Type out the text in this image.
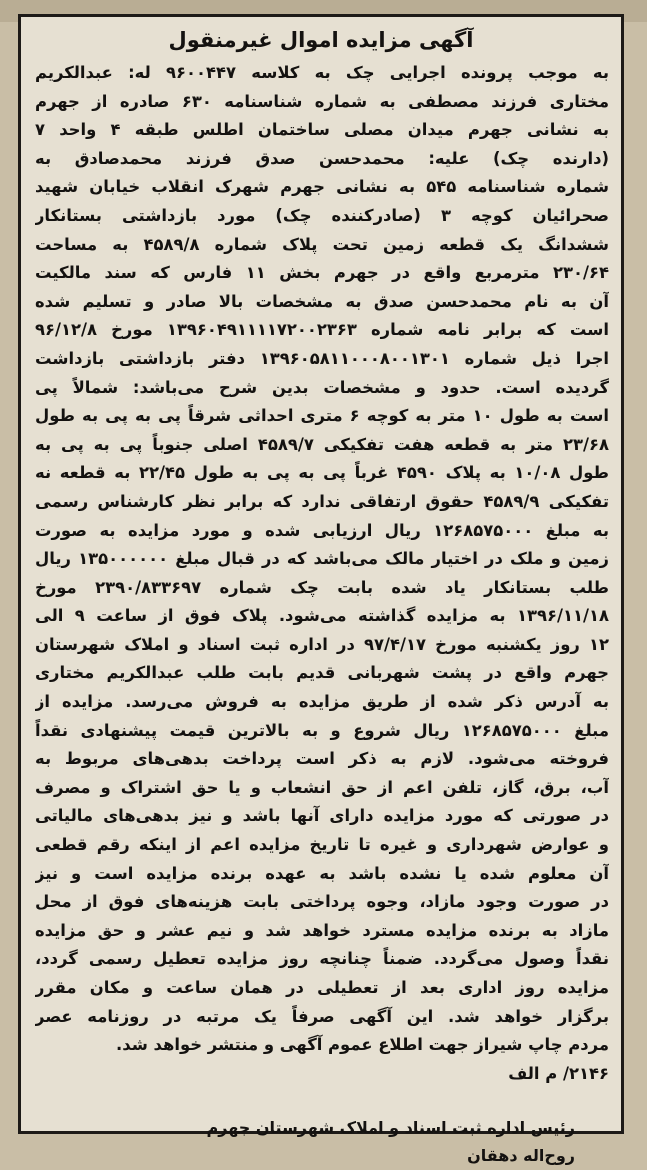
آگهی مزایده اموال غیرمنقول
به موجب پرونده اجرایی چک به کلاسه ۹۶۰۰۴۴۷ له: عبدالکریم
مختاری فرزند مصطفی به شماره شناسنامه ۶۳۰ صادره از جهرم
به نشانی جهرم میدان مصلی ساختمان اطلس طبقه ۴ واحد ۷
(دارنده چک) علیه: محمدحسن صدق فرزند محمدصادق به
شماره شناسنامه ۵۴۵ به نشانی جهرم شهرک انقلاب خیابان شهید
صحرائیان کوچه ۳ (صادرکننده چک) مورد بازداشتی بستانکار
ششدانگ یک قطعه زمین تحت پلاک شماره ۴۵۸۹/۸ به مساحت
۲۳۰/۶۴ مترمربع واقع در جهرم بخش ۱۱ فارس که سند مالکیت
آن به نام محمدحسن صدق به مشخصات بالا صادر و تسلیم شده
است که برابر نامه شماره ۱۳۹۶۰۴۹۱۱۱۱۷۲۰۰۲۳۶۳ مورخ ۹۶/۱۲/۸
اجرا ذیل شماره ۱۳۹۶۰۵۸۱۱۰۰۰۸۰۰۱۳۰۱ دفتر بازداشتی بازداشت
گردیده است. حدود و مشخصات بدین شرح می‌باشد: شمالاً پی
است به طول ۱۰ متر به کوچه ۶ متری احداثی شرقاً پی به پی به طول
۲۳/۶۸ متر به قطعه هفت تفکیکی ۴۵۸۹/۷ اصلی جنوباً پی به پی به
طول ۱۰/۰۸ به پلاک ۴۵۹۰ غرباً پی به پی به طول ۲۲/۴۵ به قطعه نه
تفکیکی ۴۵۸۹/۹ حقوق ارتفاقی ندارد که برابر نظر کارشناس رسمی
به مبلغ ۱۲۶۸۵۷۵۰۰۰ ریال ارزیابی شده و مورد مزایده به صورت
زمین و ملک در اختیار مالک می‌باشد که در قبال مبلغ ۱۳۵۰۰۰۰۰۰ ریال
طلب بستانکار یاد شده بابت چک شماره ۲۳۹۰/۸۳۳۶۹۷ مورخ
۱۳۹۶/۱۱/۱۸ به مزایده گذاشته می‌شود. پلاک فوق از ساعت ۹ الی
۱۲ روز یکشنبه مورخ ۹۷/۴/۱۷ در اداره ثبت اسناد و املاک شهرستان
جهرم واقع در پشت شهربانی قدیم بابت طلب عبدالکریم مختاری
به آدرس ذکر شده از طریق مزایده به فروش می‌رسد. مزایده از
مبلغ ۱۲۶۸۵۷۵۰۰۰ ریال شروع و به بالاترین قیمت پیشنهادی نقداً
فروخته می‌شود. لازم به ذکر است پرداخت بدهی‌های مربوط به
آب، برق، گاز، تلفن اعم از حق انشعاب و یا حق اشتراک و مصرف
در صورتی که مورد مزایده دارای آنها باشد و نیز بدهی‌های مالیاتی
و عوارض شهرداری و غیره تا تاریخ مزایده اعم از اینکه رقم قطعی
آن معلوم شده یا نشده باشد به عهده برنده مزایده است و نیز
در صورت وجود مازاد، وجوه پرداختی بابت هزینه‌های فوق از محل
مازاد به برنده مزایده مسترد خواهد شد و نیم عشر و حق مزایده
نقداً وصول می‌گردد. ضمناً چنانچه روز مزایده تعطیل رسمی گردد،
مزایده روز اداری بعد از تعطیلی در همان ساعت و مکان مقرر
برگزار خواهد شد. این آگهی صرفاً یک مرتبه در روزنامه عصر
مردم چاپ شیراز جهت اطلاع عموم آگهی و منتشر خواهد شد.
۲۱۴۶/ م الف
رئیس اداره ثبت اسناد و املاک شهرستان جهرم
روح‌اله دهقان
